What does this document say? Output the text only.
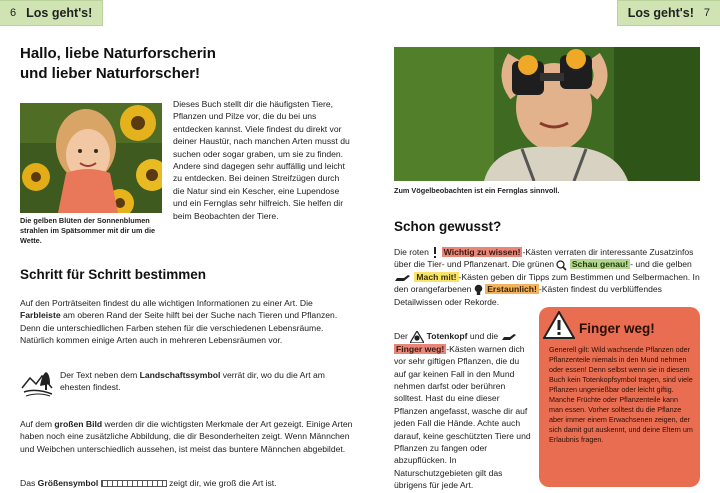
6 Los geht's!
Hallo, liebe Naturforscherin
und lieber Naturforscher!
Die gelben Blüten der Sonnenblumen strahlen im Spätsommer mit dir um die Wette.
Dieses Buch stellt dir die häufigsten Tiere, Pflanzen und Pilze vor, die du bei uns entdecken kannst. Viele findest du direkt vor deiner Haustür, nach manchen Arten musst du suchen oder sogar graben, um sie zu finden. Andere sind dagegen sehr auffällig und leicht zu entdecken. Bei deinen Streifzügen durch die Natur sind ein Kescher, eine Lupendose und ein Fernglas sehr hilfreich. Sie helfen dir beim Beobachten der Tiere.
Schritt für Schritt bestimmen
Auf den Porträtseiten findest du alle wichtigen Informationen zu einer Art. Die Farbleiste am oberen Rand der Seite hilft bei der Suche nach Tieren und Pflanzen. Denn die unterschiedlichen Farben stehen für die verschiedenen Lebensräume. Natürlich kommen einige Arten auch in mehreren Lebensräumen vor.
Der Text neben dem Landschaftssymbol verrät dir, wo du die Art am ehesten findest.
Auf dem großen Bild werden dir die wichtigsten Merkmale der Art gezeigt. Einige Arten haben noch eine zusätzliche Abbildung, die dir Besonderheiten zeigt. Wenn Männchen und Weibchen unterschiedlich aussehen, ist meist das buntere Männchen abgebildet.
Das Größensymbol	zeigt dir, wie groß die Art ist.
Los geht's! 7
Zum Vögelbeobachten ist ein Fernglas sinnvoll.
Schon gewusst?
Die roten  Wichtig zu wissen! -Kästen verraten dir interessante Zusatzinfos über die Tier- und Pflanzenart. Die grünen  Schau genau! - und die gelben  Mach mit! -Kästen geben dir Tipps zum Bestimmen und Selbermachen. In den orangefarbenen  Erstaunlich! -Kästen findest du verblüffendes Detailwissen oder Rekorde.
Der  Totenkopf und die  Finger weg! -Kästen warnen dich vor sehr giftigen Pflanzen, die du auf gar keinen Fall in den Mund nehmen darfst oder berühren solltest. Hast du eine dieser Pflanzen angefasst, wasche dir auf jeden Fall die Hände. Achte auch darauf, keine geschützten Tiere und Pflanzen zu fangen oder abzupflücken. In Naturschutzgebieten gilt das übrigens für jede Art.
Finger weg!
Generell gilt: Wild wachsende Pflanzen oder Pflanzenteile niemals in den Mund nehmen oder essen! Denn selbst wenn sie in diesem Buch kein Totenkopfsymbol tragen, sind viele Pflanzen ungenießbar oder leicht giftig. Manche Früchte oder Pflanzenteile kann man essen. Vorher solltest du die Pflanze aber immer einem Erwachsenen zeigen, der sich damit gut auskennt, und deine Eltern um Erlaubnis fragen.
